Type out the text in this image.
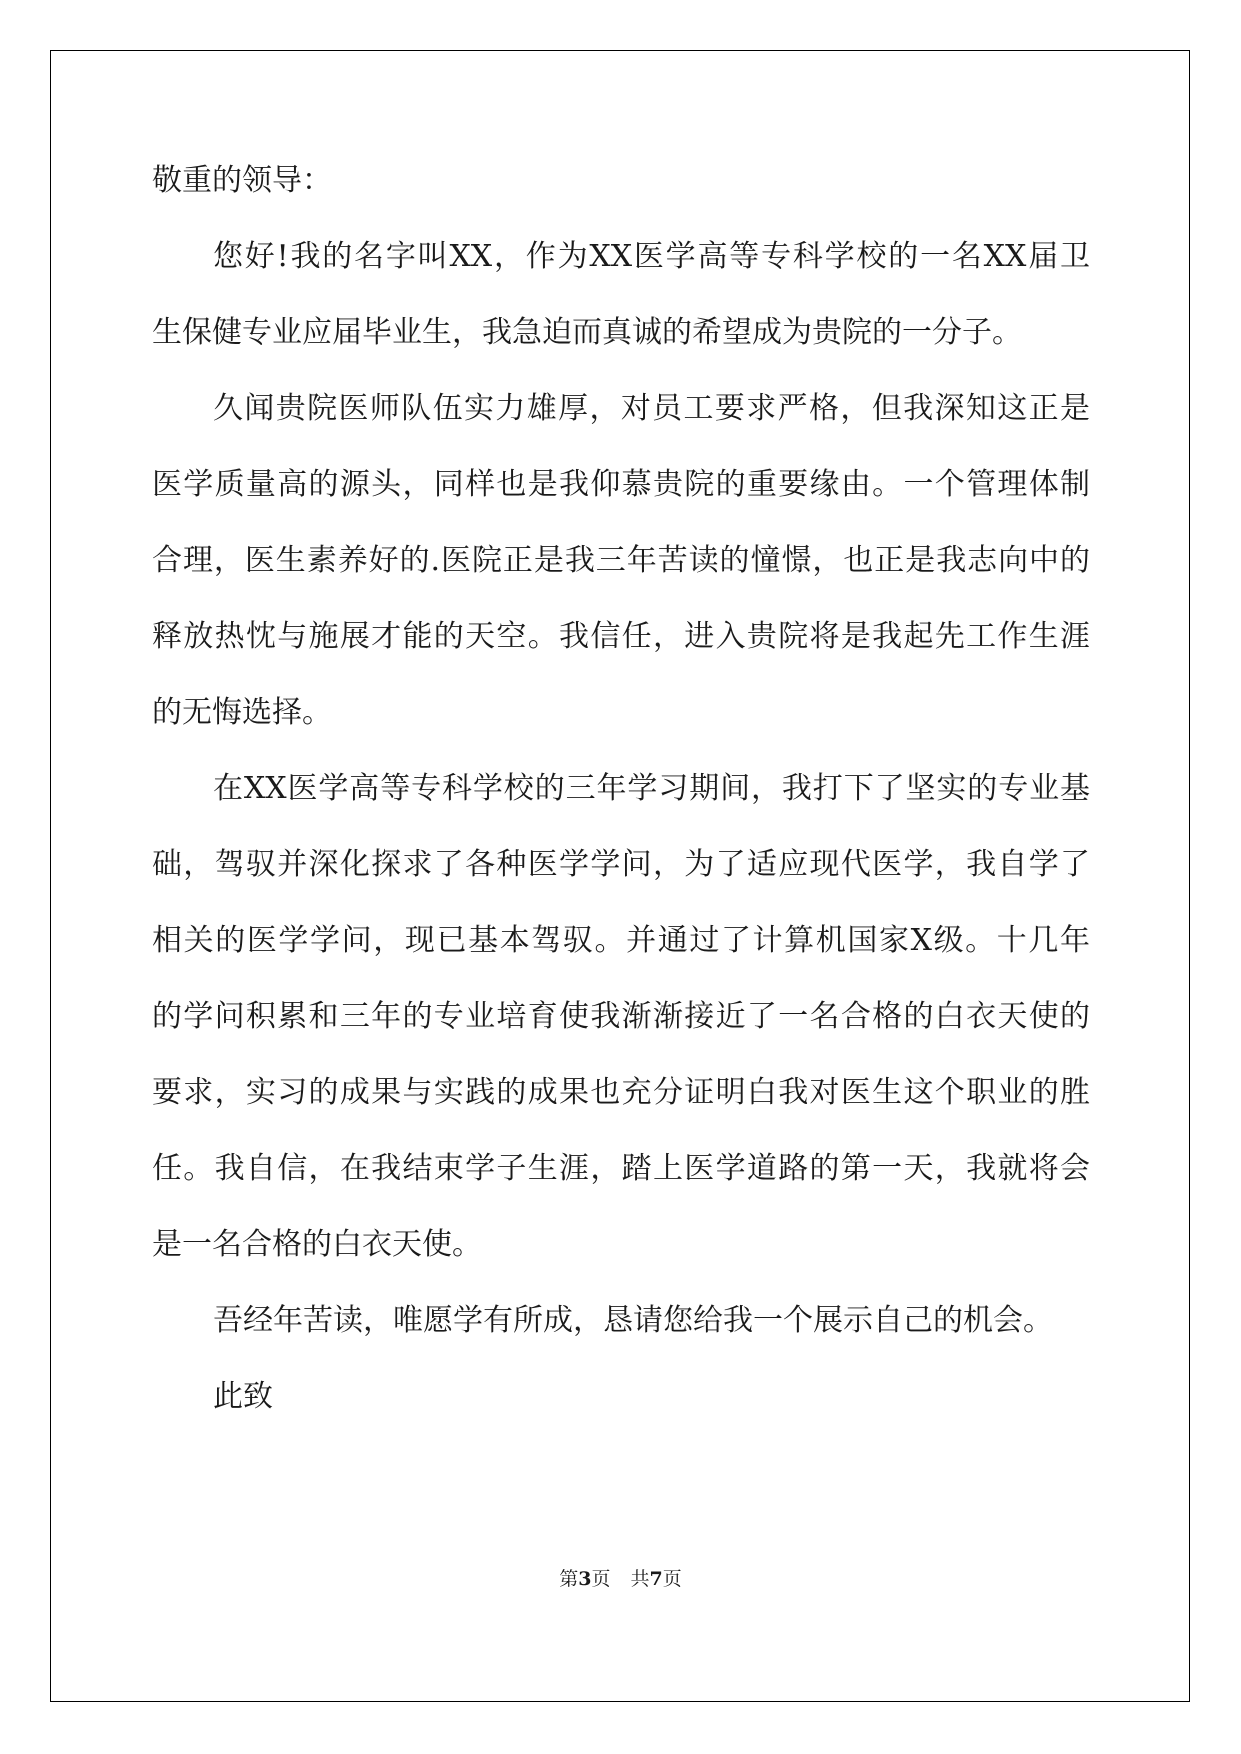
敬重的领导：
您好!我的名字叫XX，作为XX医学高等专科学校的一名XX届卫
生保健专业应届毕业生，我急迫而真诚的希望成为贵院的一分子。
久闻贵院医师队伍实力雄厚，对员工要求严格，但我深知这正是
医学质量高的源头，同样也是我仰慕贵院的重要缘由。一个管理体制
合理，医生素养好的.医院正是我三年苦读的憧憬，也正是我志向中的
释放热忱与施展才能的天空。我信任，进入贵院将是我起先工作生涯
的无悔选择。
在XX医学高等专科学校的三年学习期间，我打下了坚实的专业基
础，驾驭并深化探求了各种医学学问，为了适应现代医学，我自学了
相关的医学学问，现已基本驾驭。并通过了计算机国家X级。十几年
的学问积累和三年的专业培育使我渐渐接近了一名合格的白衣天使的
要求，实习的成果与实践的成果也充分证明白我对医生这个职业的胜
任。我自信，在我结束学子生涯，踏上医学道路的第一天，我就将会
是一名合格的白衣天使。
吾经年苦读，唯愿学有所成，恳请您给我一个展示自己的机会。
此致
第3页 共7页
